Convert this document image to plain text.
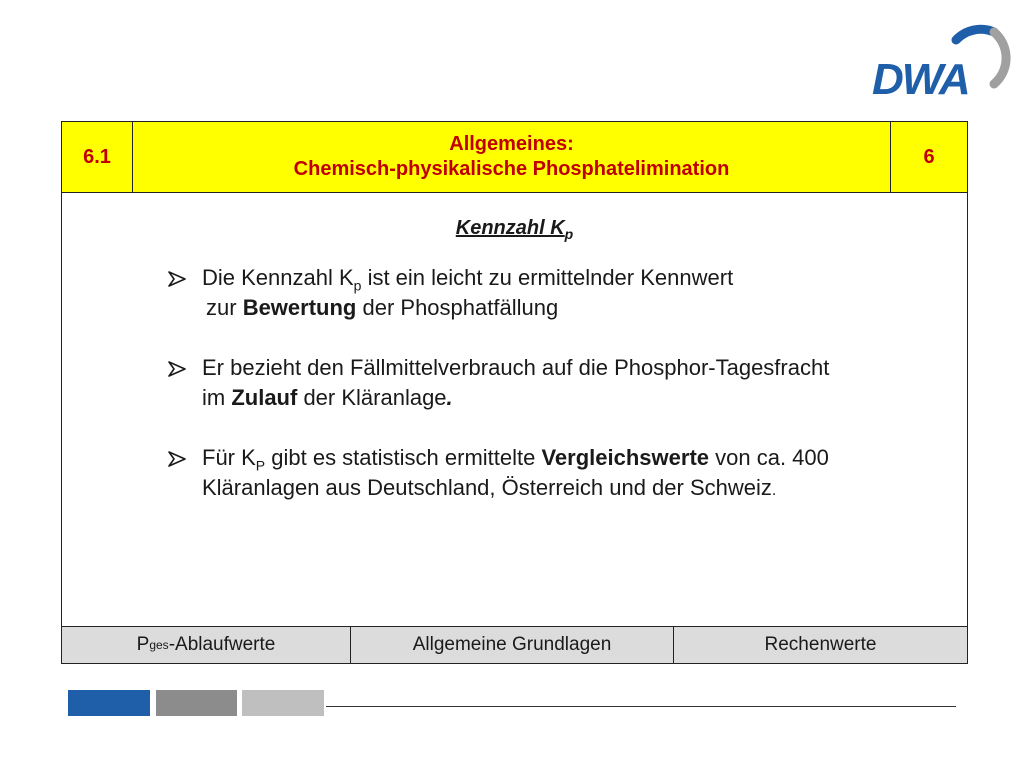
DWA
6.1
Allgemeines:
Chemisch-physikalische Phosphatelimination
6
Kennzahl $K_p$
Die Kennzahl $K_p$ ist ein leicht zu ermittelnder Kennwert
zur Bewertung der Phosphatfällung
Er bezieht den Fällmittelverbrauch auf die Phosphor-Tagesfracht
im Zulauf der Kläranlage.
Für $K_P$ gibt es statistisch ermittelte Vergleichswerte von ca. 400
Kläranlagen aus Deutschland, Österreich und der Schweiz.
P ges -Ablaufwerte	Allgemeine Grundlagen	Rechenwerte
